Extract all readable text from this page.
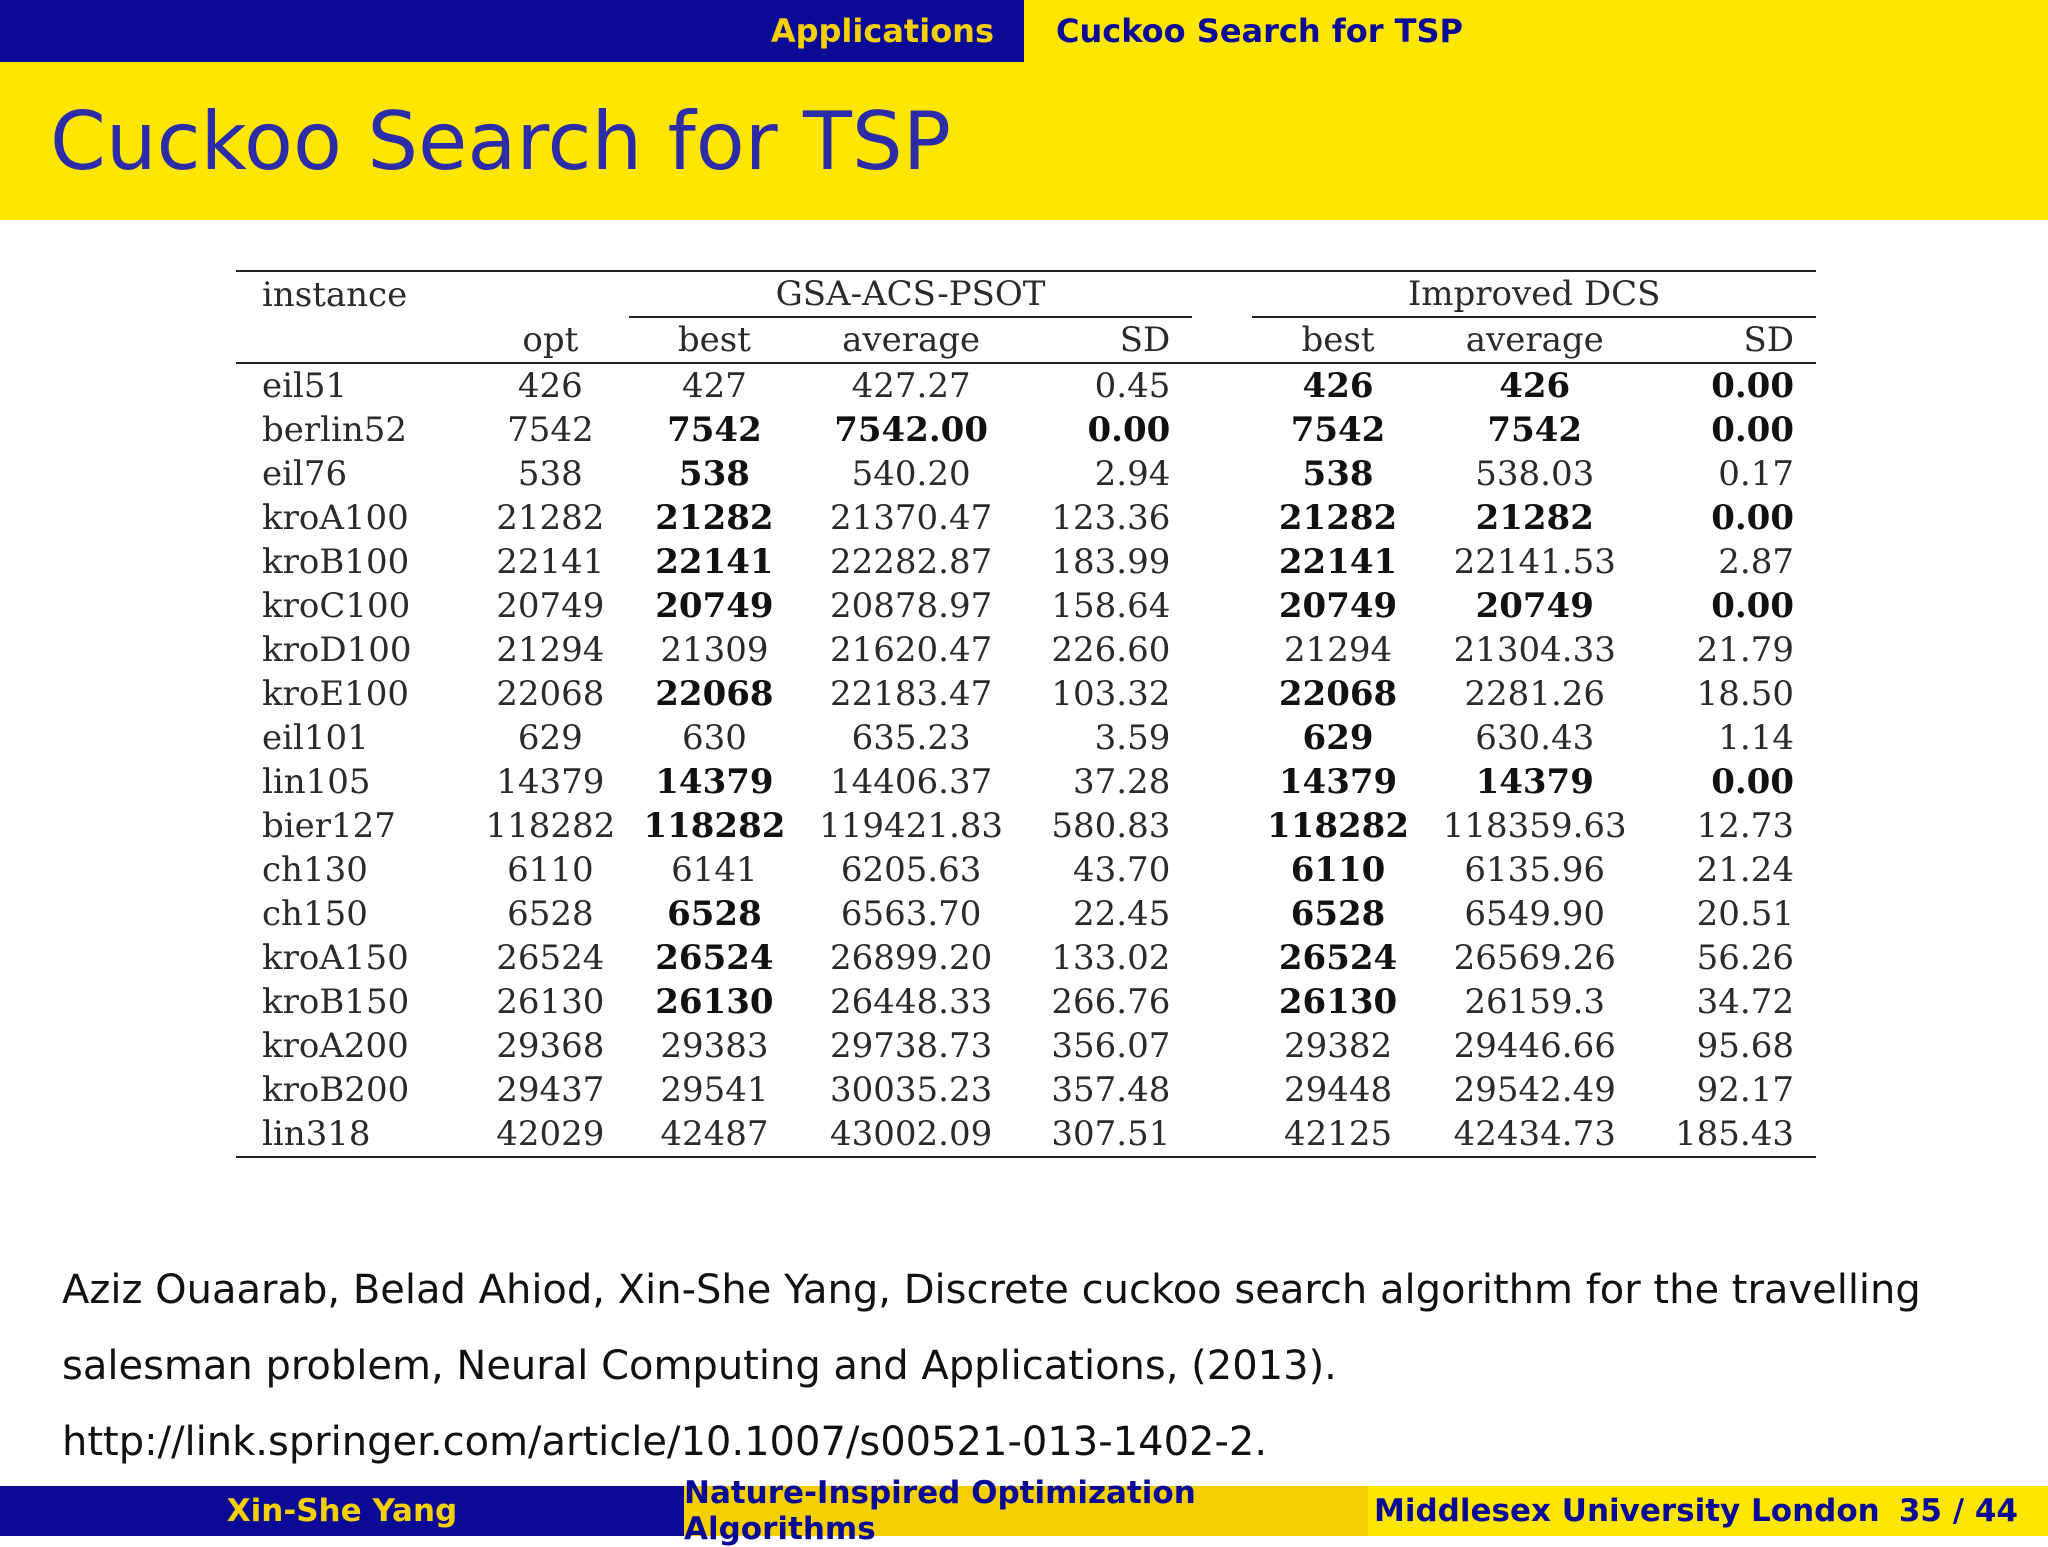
Applications Cuckoo Search for TSP
Cuckoo Search for TSP
instance		GSA-ACS-PSOT				Improved DCS		
	opt	best	average	SD		best	average	SD
eil51	426	427	427.27	0.45		426	426	0.00
berlin52	7542	7542	7542.00	0.00		7542	7542	0.00
eil76	538	538	540.20	2.94		538	538.03	0.17
kroA100	21282	21282	21370.47	123.36		21282	21282	0.00
kroB100	22141	22141	22282.87	183.99		22141	22141.53	2.87
kroC100	20749	20749	20878.97	158.64		20749	20749	0.00
kroD100	21294	21309	21620.47	226.60		21294	21304.33	21.79
kroE100	22068	22068	22183.47	103.32		22068	2281.26	18.50
eil101	629	630	635.23	3.59		629	630.43	1.14
lin105	14379	14379	14406.37	37.28		14379	14379	0.00
bier127	118282	118282	119421.83	580.83		118282	118359.63	12.73
ch130	6110	6141	6205.63	43.70		6110	6135.96	21.24
ch150	6528	6528	6563.70	22.45		6528	6549.90	20.51
kroA150	26524	26524	26899.20	133.02		26524	26569.26	56.26
kroB150	26130	26130	26448.33	266.76		26130	26159.3	34.72
kroA200	29368	29383	29738.73	356.07		29382	29446.66	95.68
kroB200	29437	29541	30035.23	357.48		29448	29542.49	92.17
lin318	42029	42487	43002.09	307.51		42125	42434.73	185.43
Aziz Ouaarab, Belad Ahiod, Xin-She Yang, Discrete cuckoo search algorithm for the travelling
salesman problem, Neural Computing and Applications, (2013).
http://link.springer.com/article/10.1007/s00521-013-1402-2.
Xin-She Yang	Nature-Inspired Optimization Algorithms	Middlesex University London 35 / 44
